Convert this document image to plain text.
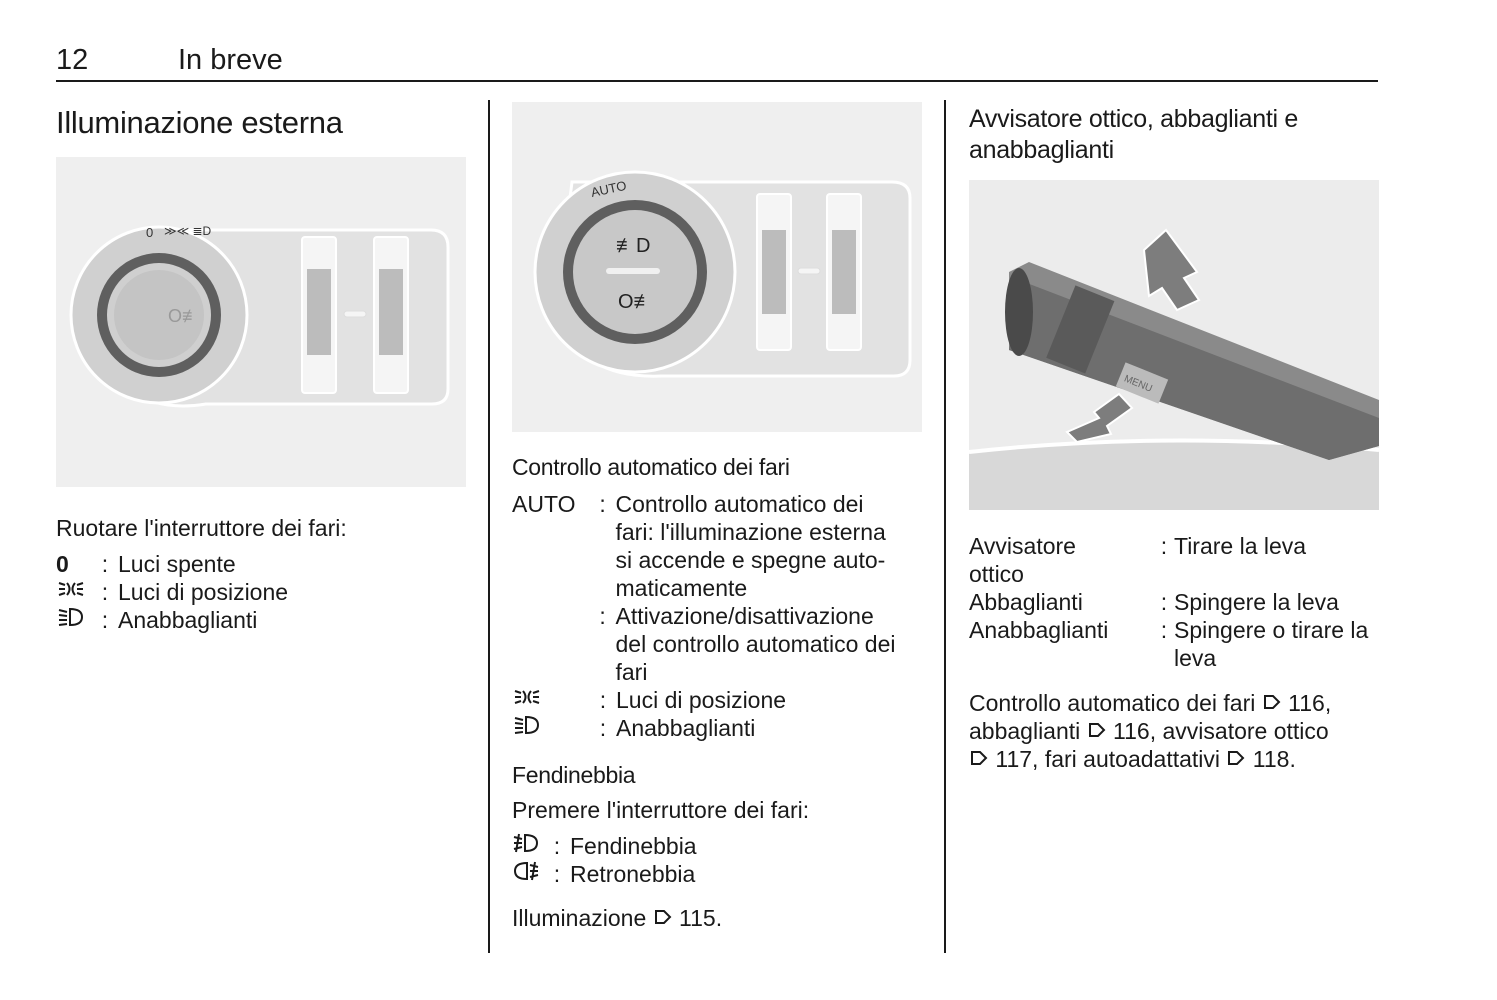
12	In breve
Illuminazione esterna
0 ≫≪ ≣D
O≢

Ruotare l'interruttore dei fari:

0	: Luci spente
: Luci di posizione
: Anabbaglianti
≢D
O≢
AUTO
Controllo automatico dei fari
AUTO	: Controllo automatico dei
fari: l'illuminazione esterna
si accende e spegne auto-
maticamente
: Attivazione/disattivazione
del controllo automatico dei
fari
: Luci di posizione
: Anabbaglianti
Fendinebbia

Premere l'interruttore dei fari:

: Fendinebbia
: Retronebbia

Illuminazione 115.

Avvisatore ottico, abbaglianti e
anabbaglianti
MENU
Avvisatore
ottico
: Tirare la leva
Abbaglianti	: Spingere la leva
Anabbaglianti	: Spingere o tirare la
leva

Controllo automatico dei fari 116,
abbaglianti 116, avvisatore ottico
117, fari autoadattativi 118.
